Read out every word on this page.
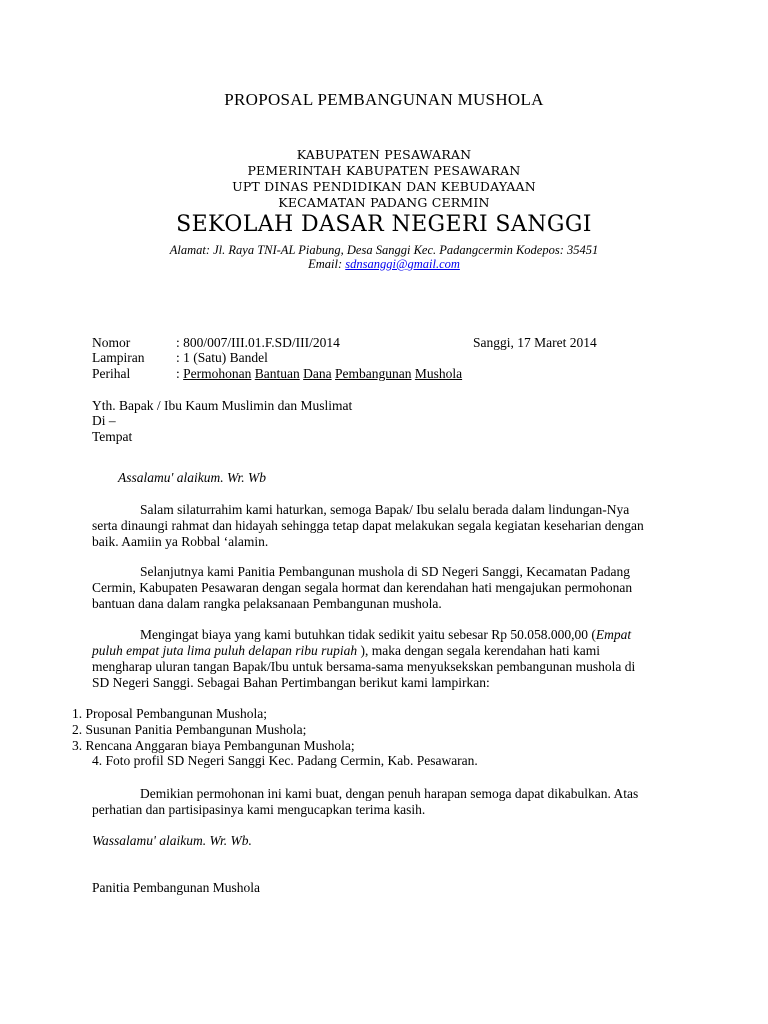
PROPOSAL PEMBANGUNAN MUSHOLA
KABUPATEN PESAWARAN
PEMERINTAH KABUPATEN PESAWARAN
UPT DINAS PENDIDIKAN DAN KEBUDAYAAN
KECAMATAN PADANG CERMIN
SEKOLAH DASAR NEGERI SANGGI
Alamat: Jl. Raya TNI-AL Piabung, Desa Sanggi Kec. Padangcermin Kodepos: 35451
Email: sdnsanggi@gmail.com
Nomor	: 800/007/III.01.F.SD/III/2014	Sanggi, 17 Maret 2014
Lampiran : 1 (Satu) Bandel
Perihal	: Permohonan Bantuan Dana Pembangunan Mushola
Yth. Bapak / Ibu Kaum Muslimin dan Muslimat
Di –
Tempat
Assalamu' alaikum. Wr. Wb
Salam silaturrahim kami haturkan, semoga Bapak/ Ibu selalu berada dalam lindungan-Nya
serta dinaungi rahmat dan hidayah sehingga tetap dapat melakukan segala kegiatan keseharian dengan
baik. Aamiin ya Robbal ‘alamin.
Selanjutnya kami Panitia Pembangunan mushola di SD Negeri Sanggi, Kecamatan Padang
Cermin, Kabupaten Pesawaran dengan segala hormat dan kerendahan hati mengajukan permohonan
bantuan dana dalam rangka pelaksanaan Pembangunan mushola.
Mengingat biaya yang kami butuhkan tidak sedikit yaitu sebesar Rp 50.058.000,00 (Empat
puluh empat juta lima puluh delapan ribu rupiah ), maka dengan segala kerendahan hati kami
mengharap uluran tangan Bapak/Ibu untuk bersama-sama menyuksekskan pembangunan mushola di
SD Negeri Sanggi. Sebagai Bahan Pertimbangan berikut kami lampirkan:
1. Proposal Pembangunan Mushola;
2. Susunan Panitia Pembangunan Mushola;
3. Rencana Anggaran biaya Pembangunan Mushola;
4. Foto profil SD Negeri Sanggi Kec. Padang Cermin, Kab. Pesawaran.
Demikian permohonan ini kami buat, dengan penuh harapan semoga dapat dikabulkan. Atas
perhatian dan partisipasinya kami mengucapkan terima kasih.
Wassalamu' alaikum. Wr. Wb.
Panitia Pembangunan Mushola
